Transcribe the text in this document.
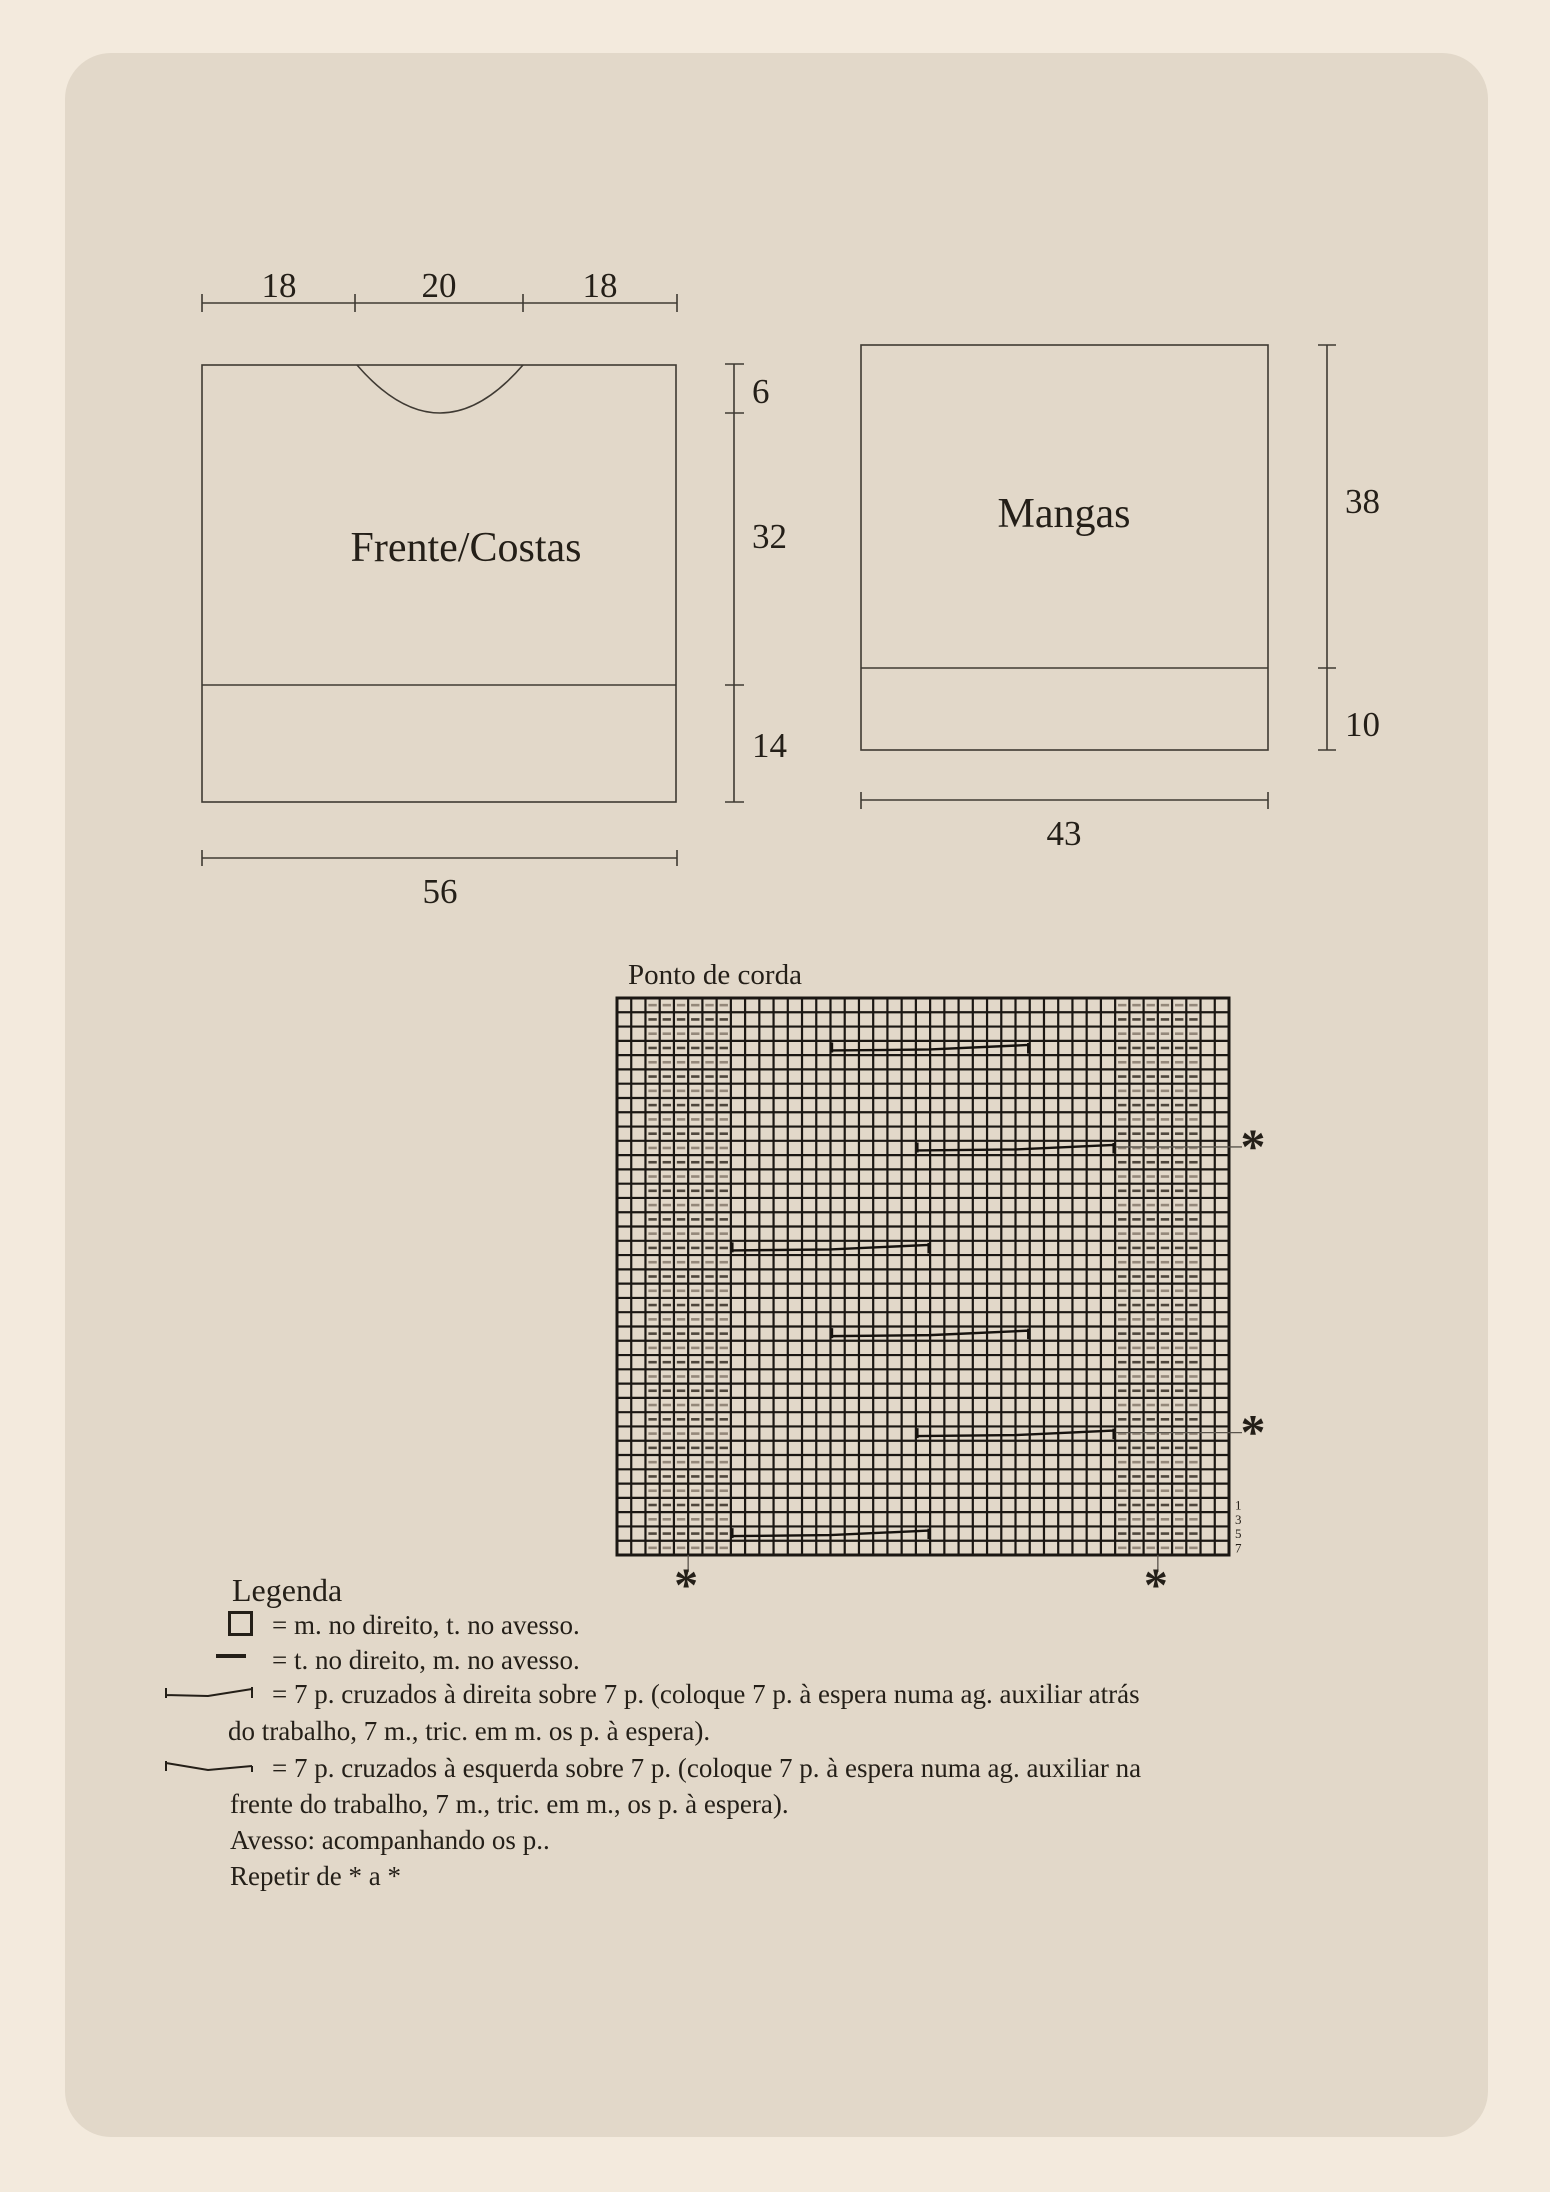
18	20	18
Frente/Costas
6
32
14
56
Mangas	38
10
43
Ponto de corda
*
*
*	*
1
3
5
7
Legenda
= m. no direito, t. no avesso.
= t. no direito, m. no avesso.
= 7 p. cruzados à direita sobre 7 p. (coloque 7 p. à espera numa ag. auxiliar atrás
do trabalho, 7 m., tric. em m. os p. à espera).
= 7 p. cruzados à esquerda sobre 7 p. (coloque 7 p. à espera numa ag. auxiliar na
frente do trabalho, 7 m., tric. em m., os p. à espera).
Avesso: acompanhando os p..
Repetir de * a *
